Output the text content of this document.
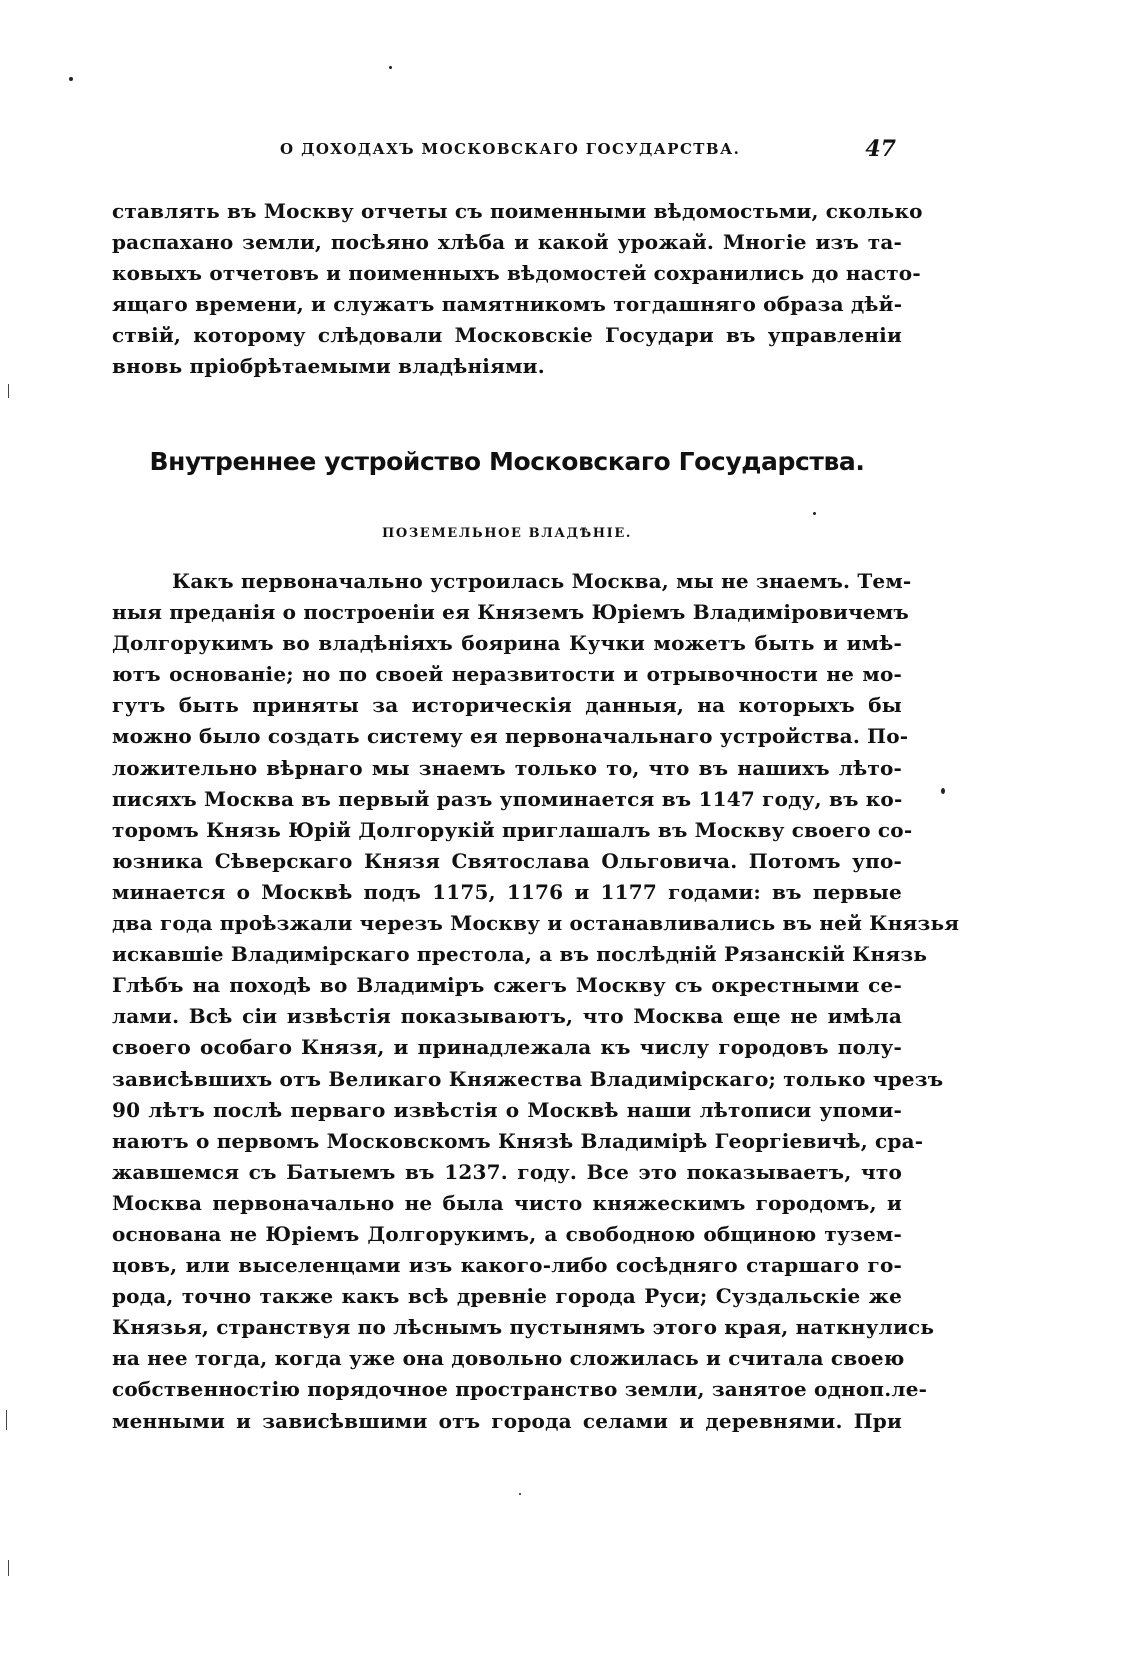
О ДОХОДАХЪ МОСКОВСКАГО ГОСУДАРСТВА.	47
ставлять въ Москву отчеты съ поименными вѣдомостьми, сколько
распахано земли, посѣяно хлѣба и какой урожай. Многіе изъ та-
ковыхъ отчетовъ и поименныхъ вѣдомостей сохранились до насто-
ящаго времени, и служатъ памятникомъ тогдашняго образа дѣй-
ствій, которому слѣдовали Московскіе Государи въ управленіи
вновь пріобрѣтаемыми владѣніями.
Внутреннее устройство Московскаго Государства.
ПОЗЕМЕЛЬНОЕ ВЛАДѢНІЕ.
Какъ первоначально устроилась Москва, мы не знаемъ. Тем-
ныя преданія о построеніи ея Княземъ Юріемъ Владиміровичемъ
Долгорукимъ во владѣніяхъ боярина Кучки можетъ быть и имѣ-
ютъ основаніе; но по своей неразвитости и отрывочности не мо-
гутъ быть приняты за историческія данныя, на которыхъ бы
можно было создать систему ея первоначальнаго устройства. По-
ложительно вѣрнаго мы знаемъ только то, что въ нашихъ лѣто-
писяхъ Москва въ первый разъ упоминается въ 1147 году, въ ко-
торомъ Князь Юрій Долгорукій приглашалъ въ Москву своего со-
юзника Сѣверскаго Князя Святослава Ольговича. Потомъ упо-
минается о Москвѣ подъ 1175, 1176 и 1177 годами: въ первые
два года проѣзжали черезъ Москву и останавливались въ ней Князья
искавшіе Владимірскаго престола, а въ послѣдній Рязанскій Князь
Глѣбъ на походѣ во Владиміръ сжегъ Москву съ окрестными се-
лами. Всѣ сіи извѣстія показываютъ, что Москва еще не имѣла
своего особаго Князя, и принадлежала къ числу городовъ полу-
зависѣвшихъ отъ Великаго Княжества Владимірскаго; только чрезъ
90 лѣтъ послѣ перваго извѣстія о Москвѣ наши лѣтописи упоми-
наютъ о первомъ Московскомъ Князѣ Владимірѣ Георгіевичѣ, сра-
жавшемся съ Батыемъ въ 1237. году. Все это показываетъ, что
Москва первоначально не была чисто княжескимъ городомъ, и
основана не Юріемъ Долгорукимъ, а свободною общиною тузем-
цовъ, или выселенцами изъ какого-либо сосѣдняго старшаго го-
рода, точно также какъ всѣ древніе города Руси; Суздальскіе же
Князья, странствуя по лѣснымъ пустынямъ этого края, наткнулись
на нее тогда, когда уже она довольно сложилась и считала своею
собственностію порядочное пространство земли, занятое одноп.ле-
менными и зависѣвшими отъ города селами и деревнями. При
